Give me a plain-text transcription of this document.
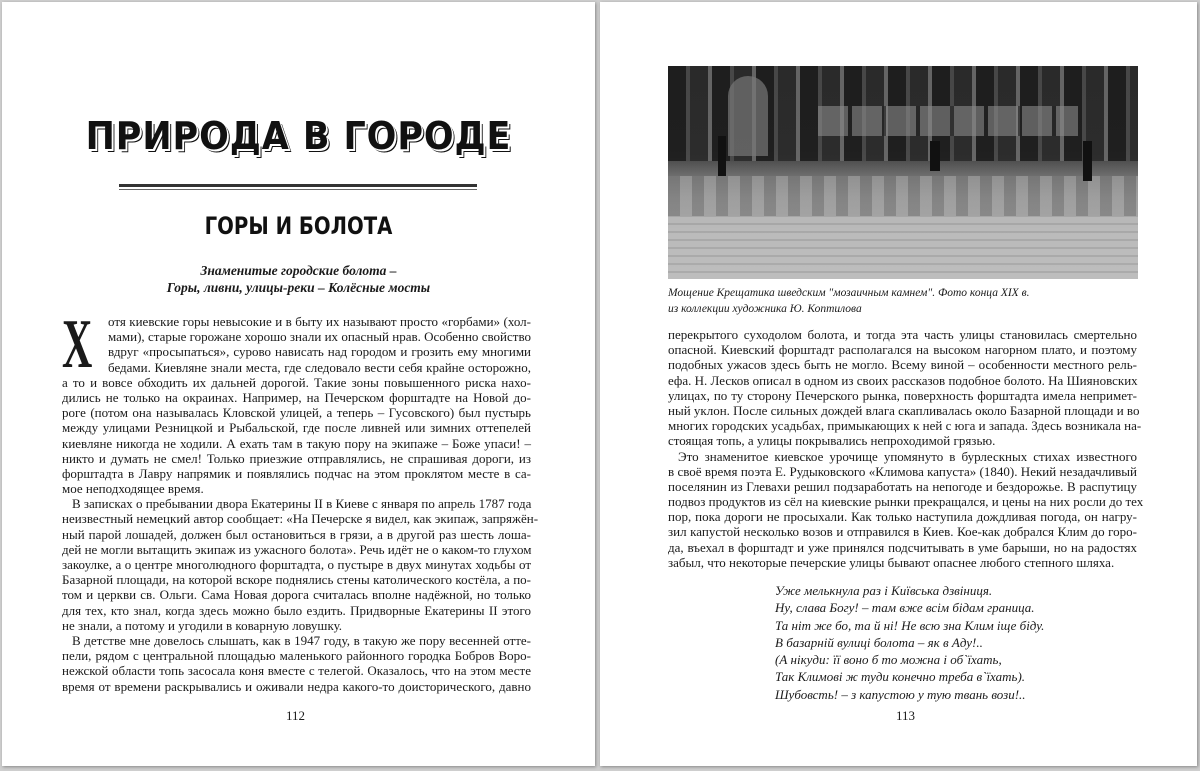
ПРИРОДА В ГОРОДЕ
ГОРЫ И БОЛОТА
Знаменитые городские болота –
Горы, ливни, улицы-реки – Колёсные мосты
Х	отя киевские горы невысокие и в быту их называют просто «горбами» (хол-
мами), старые горожане хорошо знали их опасный нрав. Особенно свойство
вдруг «просыпаться», сурово нависать над городом и грозить ему многими
бедами. Киевляне знали места, где следовало вести себя крайне осторожно,
а то и вовсе обходить их дальней дорогой. Такие зоны повышенного риска нахо-
дились не только на окраинах. Например, на Печерском форштадте на Новой до-
роге (потом она называлась Кловской улицей, а теперь – Гусовского) был пустырь
между улицами Резницкой и Рыбальской, где после ливней или зимних оттепелей
киевляне никогда не ходили. А ехать там в такую пору на экипаже – Боже упаси! –
никто и думать не смел! Только приезжие отправлялись, не спрашивая дороги, из
форштадта в Лавру напрямик и появлялись подчас на этом проклятом месте в са-
мое неподходящее время.
В записках о пребывании двора Екатерины II в Киеве с января по апрель 1787 года
неизвестный немецкий автор сообщает: «На Печерске я видел, как экипаж, запряжён-
ный парой лошадей, должен был остановиться в грязи, а в другой раз шесть лоша-
дей не могли вытащить экипаж из ужасного болота». Речь идёт не о каком-то глухом
закоулке, а о центре многолюдного форштадта, о пустыре в двух минутах ходьбы от
Базарной площади, на которой вскоре поднялись стены католического костёла, а по-
том и церкви св. Ольги. Сама Новая дорога считалась вполне надёжной, но только
для тех, кто знал, когда здесь можно было ездить. Придворные Екатерины II этого
не знали, а потому и угодили в коварную ловушку.
В детстве мне довелось слышать, как в 1947 году, в такую же пору весенней отте-
пели, рядом с центральной площадью маленького районного городка Бобров Воро-
нежской области топь засосала коня вместе с телегой. Оказалось, что на этом месте
время от времени раскрывались и оживали недра какого-то доисторического, давно
112
Мощение Крещатика шведским "мозаичным камнем". Фото конца XIX в.
из коллекции художника Ю. Коптилова
перекрытого суходолом болота, и тогда эта часть улицы становилась смертельно
опасной. Киевский форштадт располагался на высоком нагорном плато, и поэтому
подобных ужасов здесь быть не могло. Всему виной – особенности местного рель-
ефа. Н. Лесков описал в одном из своих рассказов подобное болото. На Шияновских
улицах, по ту сторону Печерского рынка, поверхность форштадта имела непримет-
ный уклон. После сильных дождей влага скапливалась около Базарной площади и во
многих городских усадьбах, примыкающих к ней с юга и запада. Здесь возникала на-
стоящая топь, а улицы покрывались непроходимой грязью.
Это знаменитое киевское урочище упомянуто в бурлескных стихах известного
в своё время поэта Е. Рудыковского «Климова капуста» (1840). Некий незадачливый
поселянин из Глевахи решил подзаработать на непогоде и бездорожье. В распутицу
подвоз продуктов из сёл на киевские рынки прекращался, и цены на них росли до тех
пор, пока дороги не просыхали. Как только наступила дождливая погода, он нагру-
зил капустой несколько возов и отправился в Киев. Кое-как добрался Клим до горо-
да, въехал в форштадт и уже принялся подсчитывать в уме барыши, но на радостях
забыл, что некоторые печерские улицы бывают опаснее любого степного шляха.
Уже мелькнула раз і Київська дзвіниця.
Ну, слава Богу! – там вже всім бідам граница.
Та ніт же бо, та й ні! Не всю зна Клим іще біду.
В базарній вулиці болота – як в Аду!..
(А нікуди: її воно б то можна і об`їхать,
Так Климові ж туди конечно треба в`їхать).
Шубовсть! – з капустою у тую твань вози!..
113
